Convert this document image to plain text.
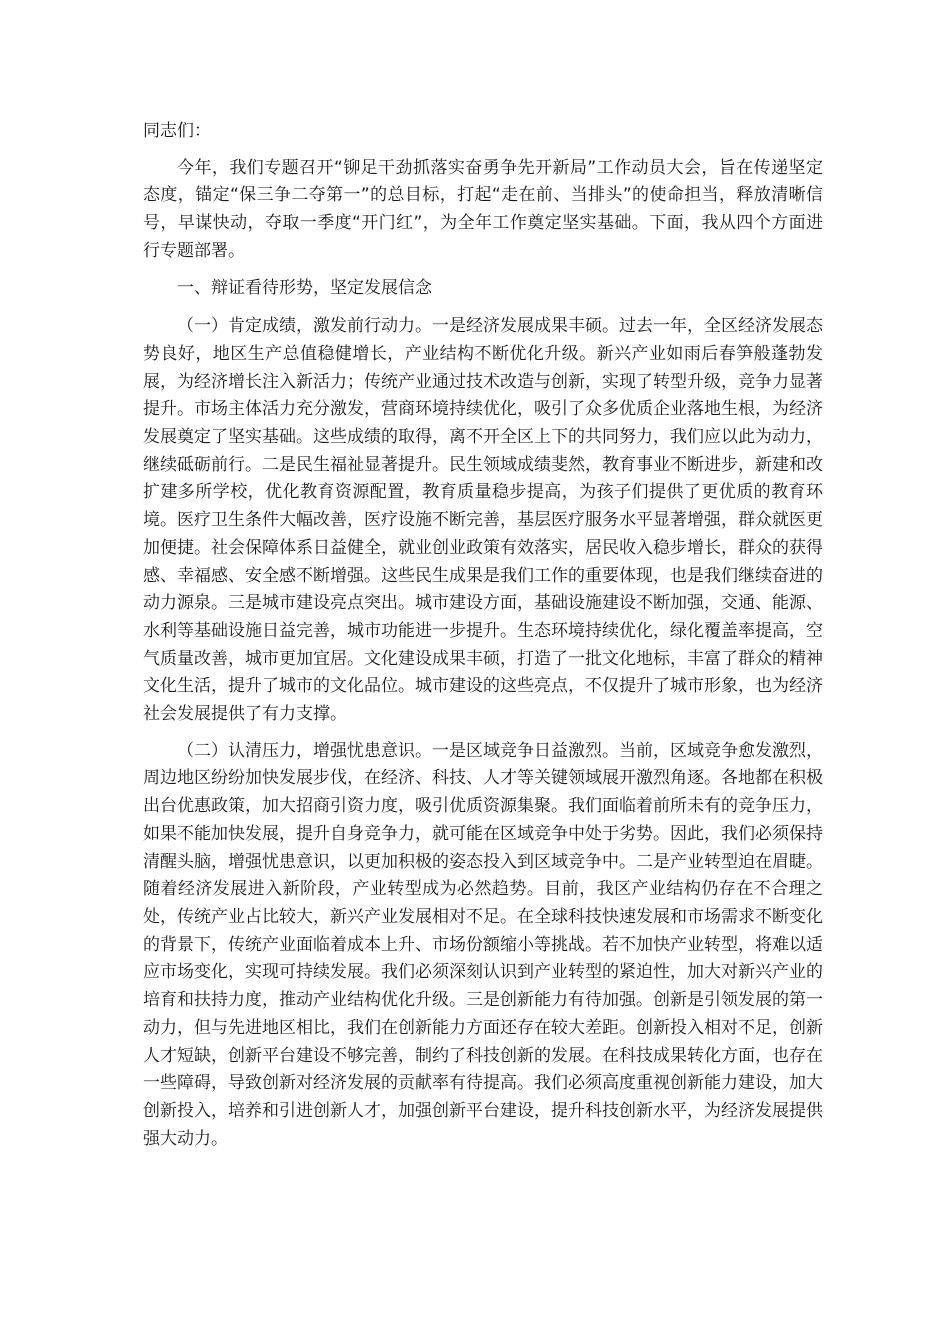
同志们：

今年，我们专题召开“铆足干劲抓落实奋勇争先开新局”工作动员大会，旨在传递坚定态度，锚定“保三争二夺第一”的总目标，打起“走在前、当排头”的使命担当，释放清晰信号，早谋快动，夺取一季度“开门红”，为全年工作奠定坚实基础。下面，我从四个方面进行专题部署。

一、辩证看待形势，坚定发展信念

（一）肯定成绩，激发前行动力。一是经济发展成果丰硕。过去一年，全区经济发展态势良好，地区生产总值稳健增长，产业结构不断优化升级。新兴产业如雨后春笋般蓬勃发展，为经济增长注入新活力；传统产业通过技术改造与创新，实现了转型升级，竞争力显著提升。市场主体活力充分激发，营商环境持续优化，吸引了众多优质企业落地生根，为经济发展奠定了坚实基础。这些成绩的取得，离不开全区上下的共同努力，我们应以此为动力，继续砥砺前行。二是民生福祉显著提升。民生领域成绩斐然，教育事业不断进步，新建和改扩建多所学校，优化教育资源配置，教育质量稳步提高，为孩子们提供了更优质的教育环境。医疗卫生条件大幅改善，医疗设施不断完善，基层医疗服务水平显著增强，群众就医更加便捷。社会保障体系日益健全，就业创业政策有效落实，居民收入稳步增长，群众的获得感、幸福感、安全感不断增强。这些民生成果是我们工作的重要体现，也是我们继续奋进的动力源泉。三是城市建设亮点突出。城市建设方面，基础设施建设不断加强，交通、能源、水利等基础设施日益完善，城市功能进一步提升。生态环境持续优化，绿化覆盖率提高，空气质量改善，城市更加宜居。文化建设成果丰硕，打造了一批文化地标，丰富了群众的精神文化生活，提升了城市的文化品位。城市建设的这些亮点，不仅提升了城市形象，也为经济社会发展提供了有力支撑。

（二）认清压力，增强忧患意识。一是区域竞争日益激烈。当前，区域竞争愈发激烈，周边地区纷纷加快发展步伐，在经济、科技、人才等关键领域展开激烈角逐。各地都在积极出台优惠政策，加大招商引资力度，吸引优质资源集聚。我们面临着前所未有的竞争压力，如果不能加快发展，提升自身竞争力，就可能在区域竞争中处于劣势。因此，我们必须保持清醒头脑，增强忧患意识，以更加积极的姿态投入到区域竞争中。二是产业转型迫在眉睫。随着经济发展进入新阶段，产业转型成为必然趋势。目前，我区产业结构仍存在不合理之处，传统产业占比较大，新兴产业发展相对不足。在全球科技快速发展和市场需求不断变化的背景下，传统产业面临着成本上升、市场份额缩小等挑战。若不加快产业转型，将难以适应市场变化，实现可持续发展。我们必须深刻认识到产业转型的紧迫性，加大对新兴产业的培育和扶持力度，推动产业结构优化升级。三是创新能力有待加强。创新是引领发展的第一动力，但与先进地区相比，我们在创新能力方面还存在较大差距。创新投入相对不足，创新人才短缺，创新平台建设不够完善，制约了科技创新的发展。在科技成果转化方面，也存在一些障碍，导致创新对经济发展的贡献率有待提高。我们必须高度重视创新能力建设，加大创新投入，培养和引进创新人才，加强创新平台建设，提升科技创新水平，为经济发展提供强大动力。
